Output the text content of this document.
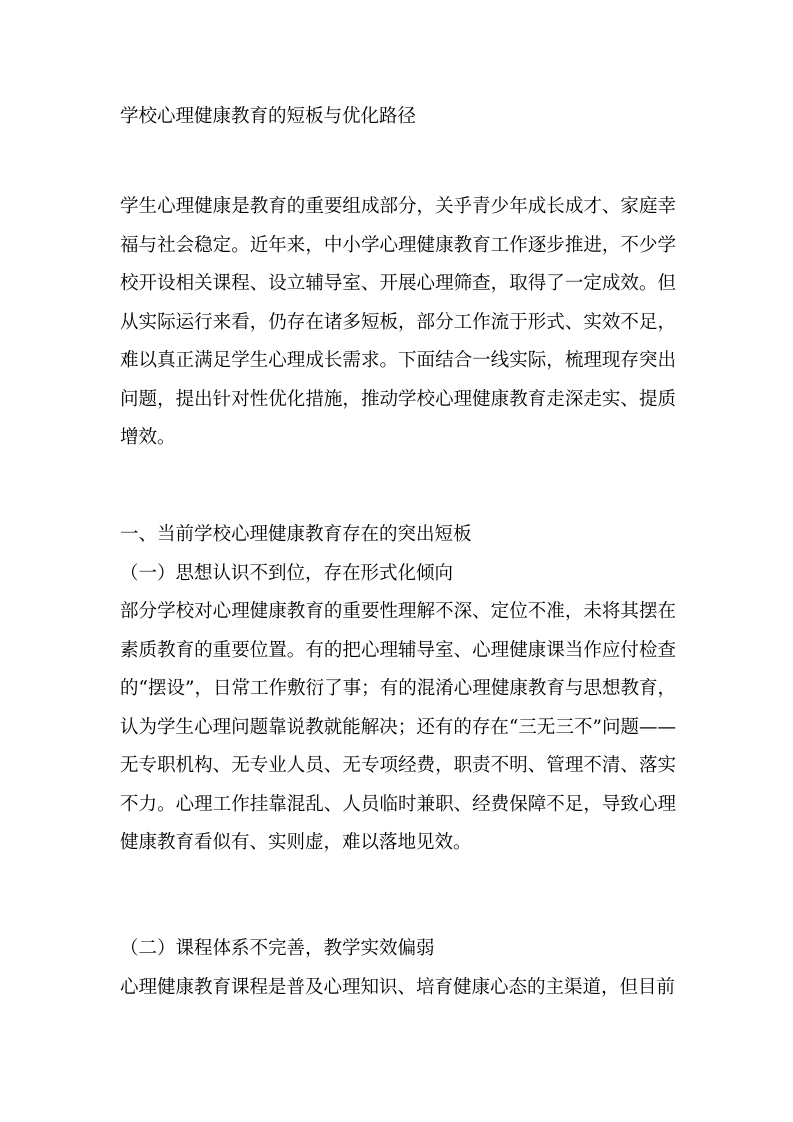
学校心理健康教育的短板与优化路径

学生心理健康是教育的重要组成部分，关乎青少年成长成才、家庭幸福与社会稳定。近年来，中小学心理健康教育工作逐步推进，不少学校开设相关课程、设立辅导室、开展心理筛查，取得了一定成效。但从实际运行来看，仍存在诸多短板，部分工作流于形式、实效不足，难以真正满足学生心理成长需求。下面结合一线实际，梳理现存突出问题，提出针对性优化措施，推动学校心理健康教育走深走实、提质增效。

一、当前学校心理健康教育存在的突出短板

（一）思想认识不到位，存在形式化倾向

部分学校对心理健康教育的重要性理解不深、定位不准，未将其摆在素质教育的重要位置。有的把心理辅导室、心理健康课当作应付检查的“摆设”，日常工作敷衍了事；有的混淆心理健康教育与思想教育，认为学生心理问题靠说教就能解决；还有的存在“三无三不”问题——无专职机构、无专业人员、无专项经费，职责不明、管理不清、落实不力。心理工作挂靠混乱、人员临时兼职、经费保障不足，导致心理健康教育看似有、实则虚，难以落地见效。

（二）课程体系不完善，教学实效偏弱

心理健康教育课程是普及心理知识、培育健康心态的主渠道，但目前
